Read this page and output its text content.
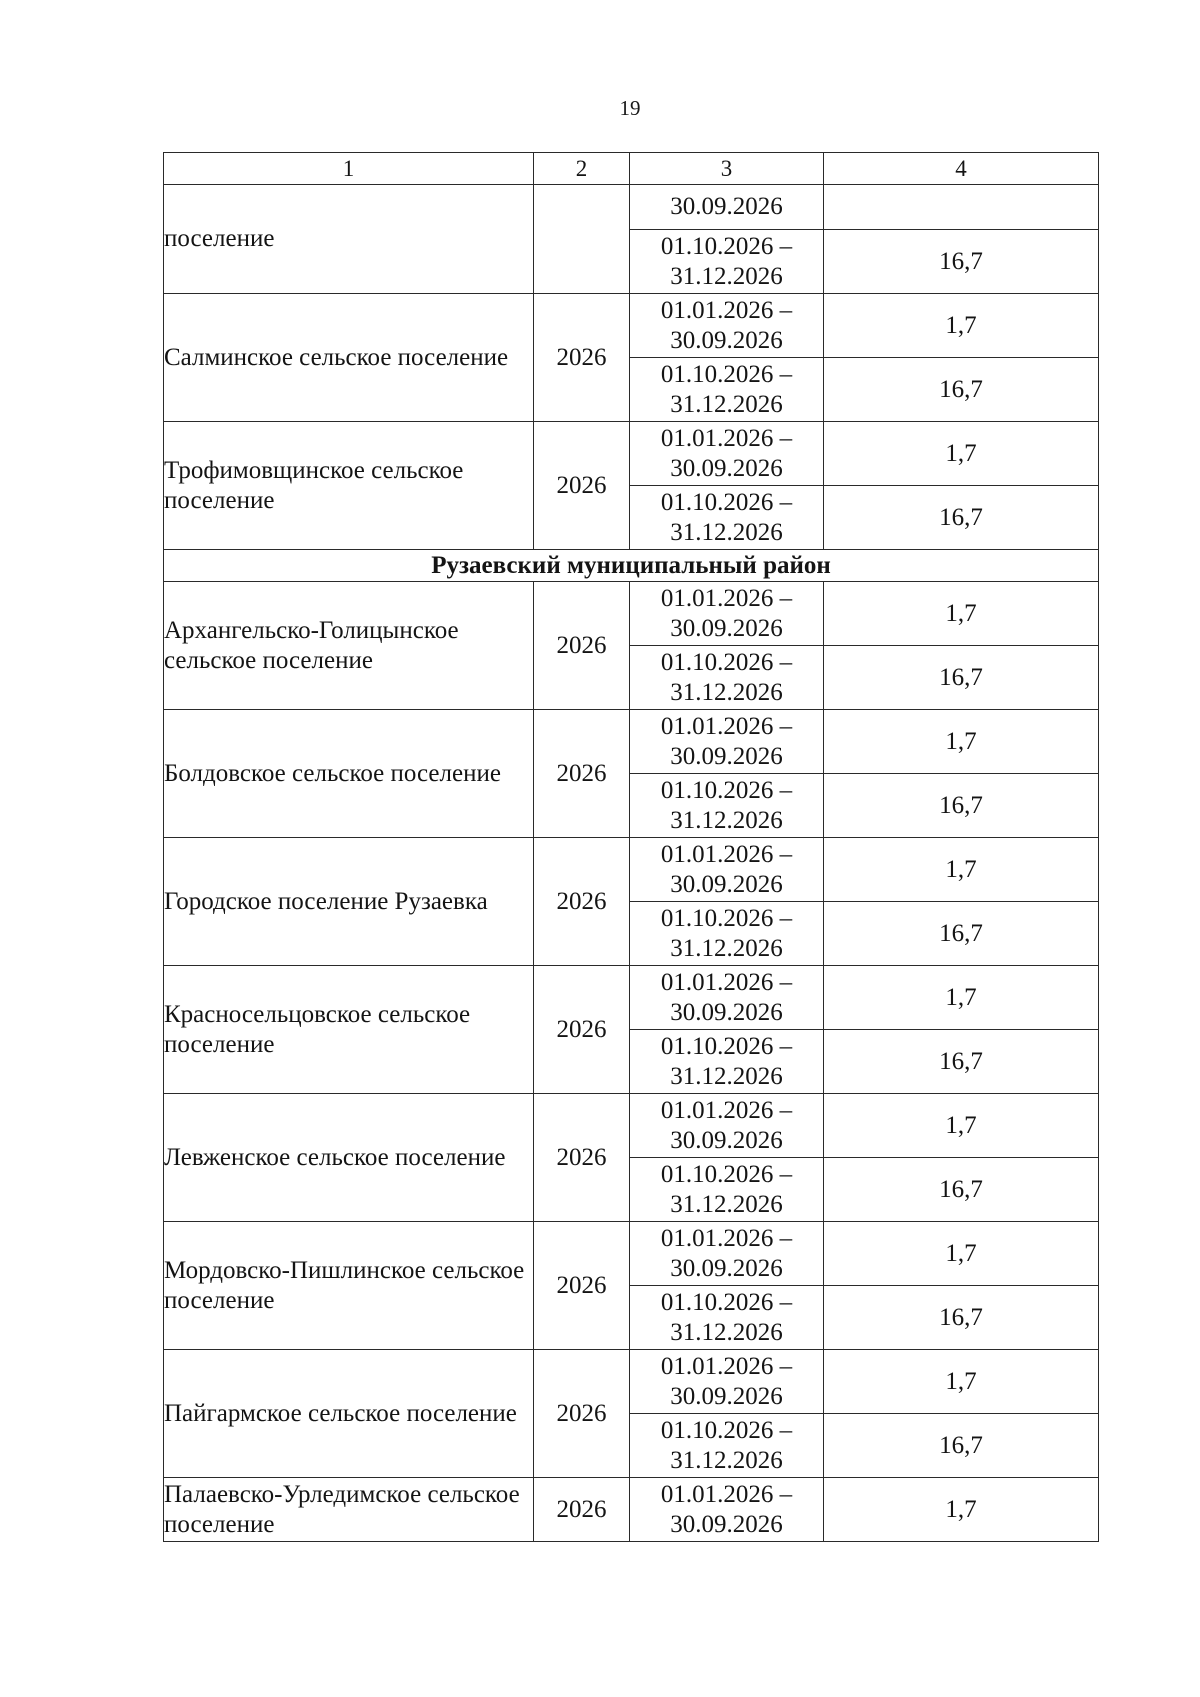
19
1	2	3	4
поселение		30.09.2026	
		01.10.2026 – 31.12.2026	16,7
Салминское сельское поселение	2026	01.01.2026 – 30.09.2026	1,7
		01.10.2026 – 31.12.2026	16,7
Трофимовщинское сельское поселение	2026	01.01.2026 – 30.09.2026	1,7
		01.10.2026 – 31.12.2026	16,7
Рузаевский муниципальный район			
Архангельско-Голицынское сельское поселение	2026	01.01.2026 – 30.09.2026	1,7
		01.10.2026 – 31.12.2026	16,7
Болдовское сельское поселение	2026	01.01.2026 – 30.09.2026	1,7
		01.10.2026 – 31.12.2026	16,7
Городское поселение Рузаевка	2026	01.01.2026 – 30.09.2026	1,7
		01.10.2026 – 31.12.2026	16,7
Красносельцовское сельское поселение	2026	01.01.2026 – 30.09.2026	1,7
		01.10.2026 – 31.12.2026	16,7
Левженское сельское поселение	2026	01.01.2026 – 30.09.2026	1,7
		01.10.2026 – 31.12.2026	16,7
Мордовско-Пишлинское сельское поселение	2026	01.01.2026 – 30.09.2026	1,7
		01.10.2026 – 31.12.2026	16,7
Пайгармское сельское поселение	2026	01.01.2026 – 30.09.2026	1,7
		01.10.2026 – 31.12.2026	16,7
Палаевско-Урледимское сельское поселение	2026	01.01.2026 – 30.09.2026	1,7
